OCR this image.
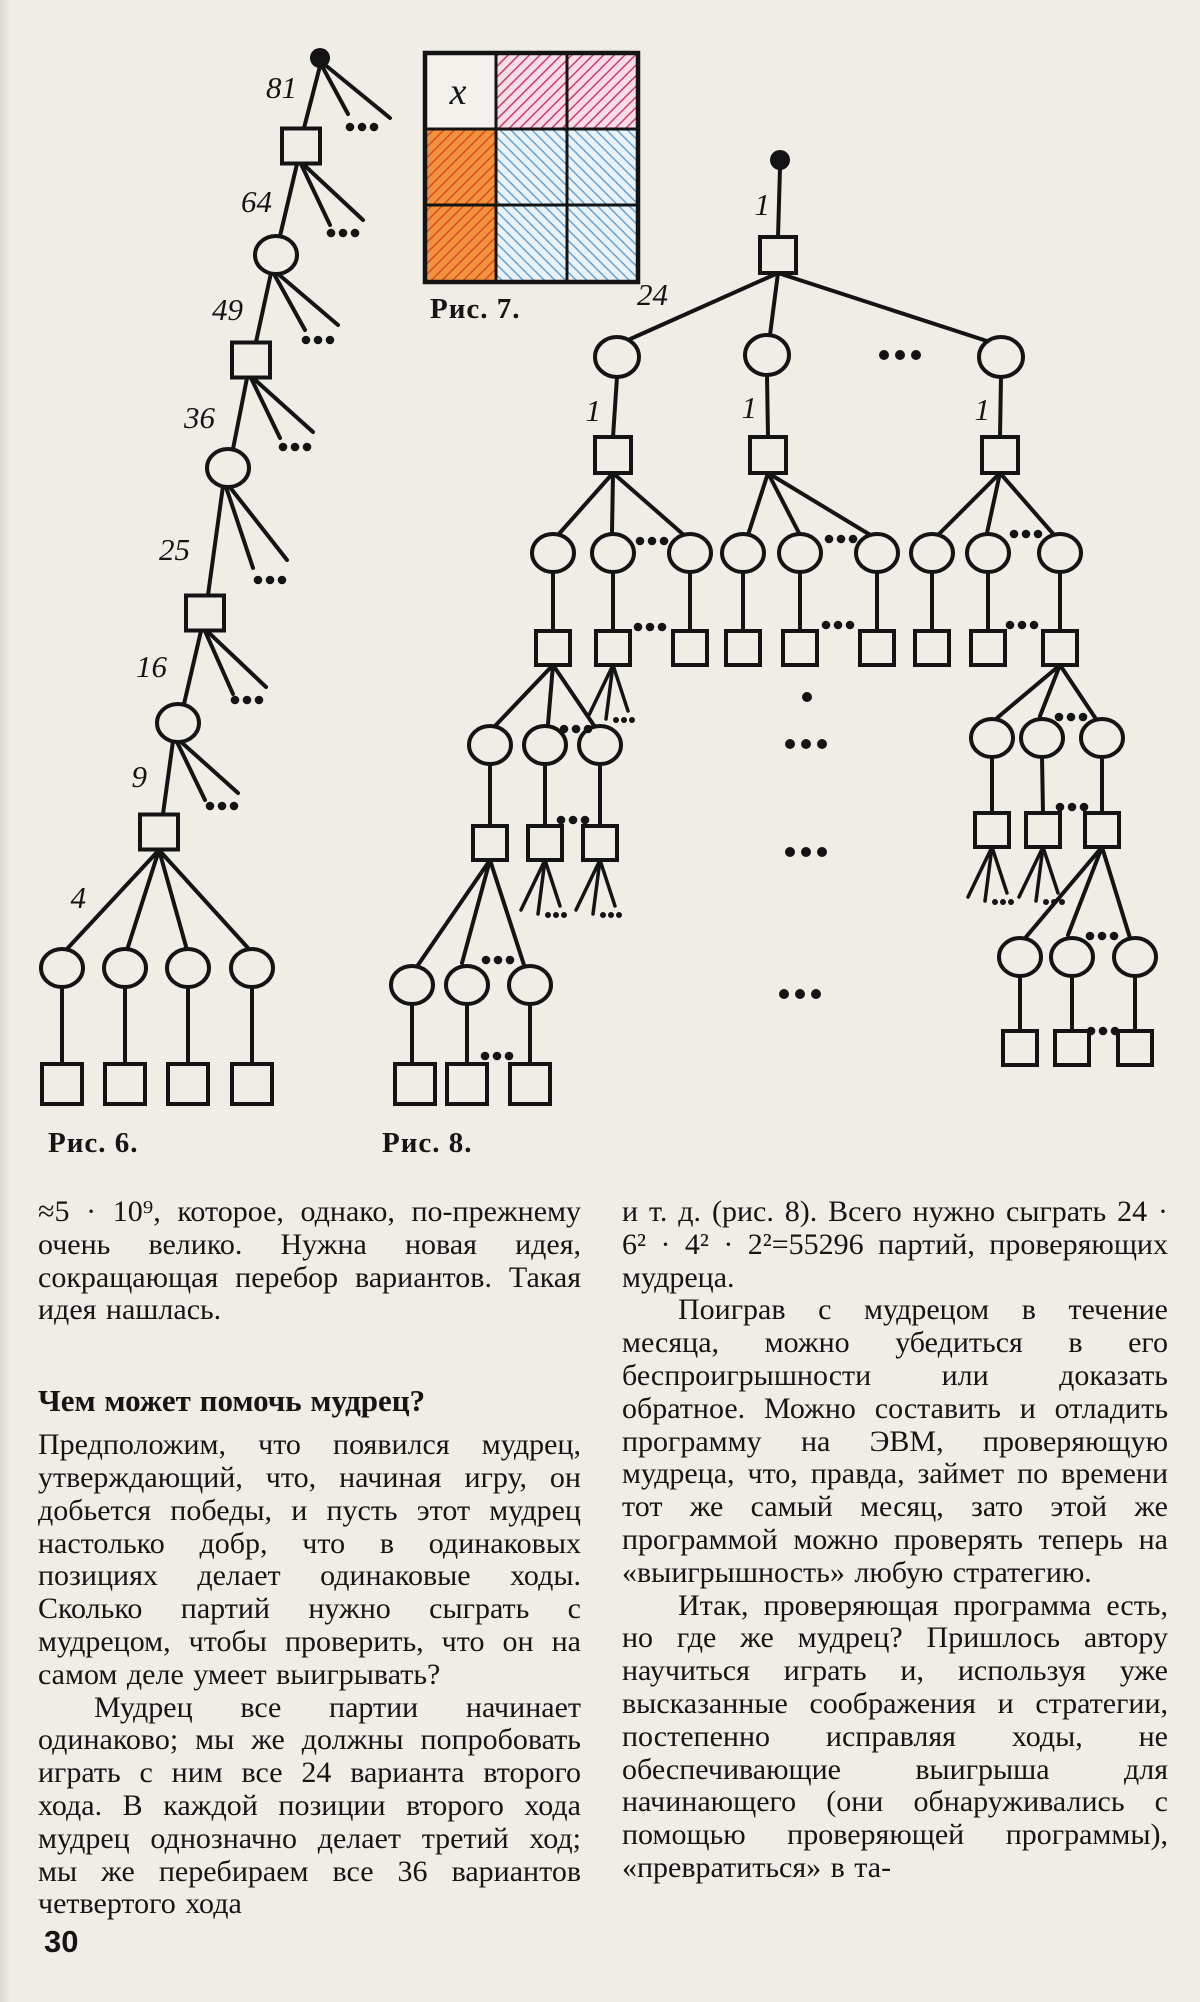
81
64
49
36
25
16
9
4
x
1
24
1	1	1
Рис. 6.
Рис. 7.
Рис. 8.

≈5 · 10⁹, которое, однако, по-прежнему очень велико. Нужна новая идея, сокращающая перебор вариантов. Такая идея нашлась.

Чем может помочь мудрец?

Предположим, что появился мудрец, утверждающий, что, начиная игру, он добьется победы, и пусть этот мудрец настолько добр, что в одинаковых позициях делает одинаковые ходы. Сколько партий нужно сыграть с мудрецом, чтобы проверить, что он на самом деле умеет выигрывать?

Мудрец все партии начинает одинаково; мы же должны попробовать играть с ним все 24 варианта второго хода. В каждой позиции второго хода мудрец однозначно делает третий ход; мы же перебираем все 36 вариантов четвертого хода

и т. д. (рис. 8). Всего нужно сыграть 24 · 6² · 4² · 2²=55296 партий, проверяющих мудреца.

Поиграв с мудрецом в течение месяца, можно убедиться в его беспроигрышности или доказать обратное. Можно составить и отладить программу на ЭВМ, проверяющую мудреца, что, правда, займет по времени тот же самый месяц, зато этой же программой можно проверять теперь на «выигрышность» любую стратегию.

Итак, проверяющая программа есть, но где же мудрец? Пришлось автору научиться играть и, используя уже высказанные соображения и стратегии, постепенно исправляя ходы, не обеспечивающие выигрыша для начинающего (они обнаруживались с помощью проверяющей программы), «превратиться» в та-

30
